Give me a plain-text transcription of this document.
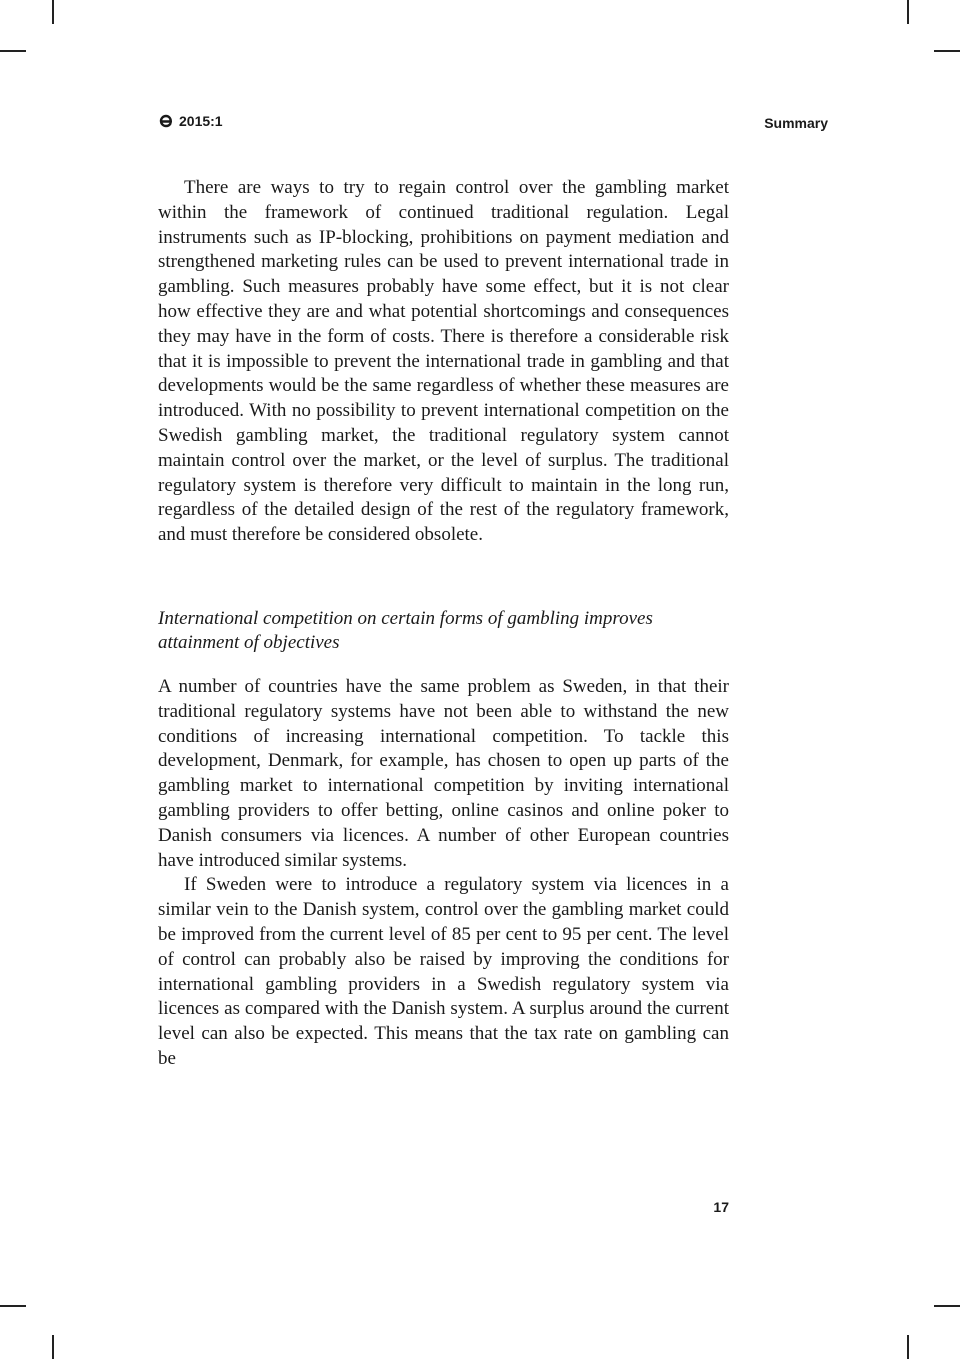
2015:1	Summary

There are ways to try to regain control over the gambling market within the framework of continued traditional regulation. Legal instruments such as IP-blocking, prohibitions on payment mediation and strengthened marketing rules can be used to prevent international trade in gambling. Such measures probably have some effect, but it is not clear how effective they are and what potential shortcomings and consequences they may have in the form of costs. There is therefore a considerable risk that it is impossible to prevent the international trade in gambling and that developments would be the same regardless of whether these measures are introduced. With no possibility to prevent international competition on the Swedish gambling market, the traditional regulatory system cannot maintain control over the market, or the level of surplus. The traditional regulatory system is therefore very difficult to maintain in the long run, regardless of the detailed design of the rest of the regulatory framework, and must therefore be considered obsolete.

International competition on certain forms of gambling improves attainment of objectives

A number of countries have the same problem as Sweden, in that their traditional regulatory systems have not been able to withstand the new conditions of increasing international competition. To tackle this development, Denmark, for example, has chosen to open up parts of the gambling market to international competition by inviting international gambling providers to offer betting, online casinos and online poker to Danish consumers via licences. A number of other European countries have introduced similar systems.

If Sweden were to introduce a regulatory system via licences in a similar vein to the Danish system, control over the gambling market could be improved from the current level of 85 per cent to 95 per cent. The level of control can probably also be raised by improving the conditions for international gambling providers in a Swedish regulatory system via licences as compared with the Danish system. A surplus around the current level can also be expected. This means that the tax rate on gambling can be

17
